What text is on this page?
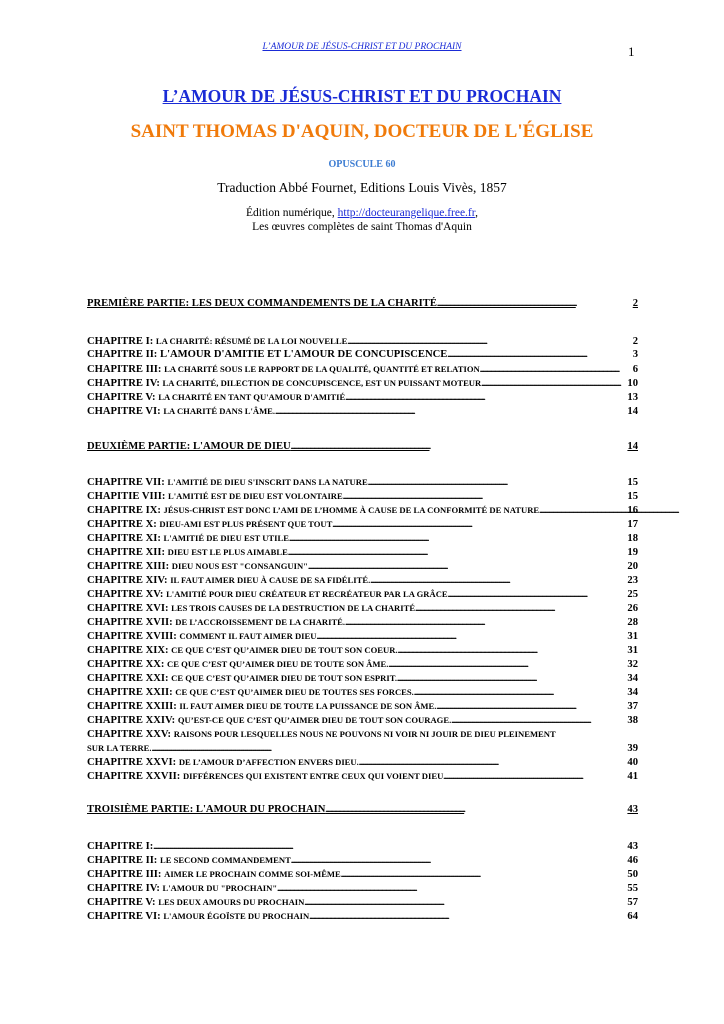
L’AMOUR DE JÉSUS-CHRIST ET DU PROCHAIN	1
L’AMOUR DE JÉSUS-CHRIST ET DU PROCHAIN
SAINT THOMAS D'AQUIN, DOCTEUR DE L'ÉGLISE
OPUSCULE 60
Traduction Abbé Fournet, Editions Louis Vivès, 1857
Édition numérique, http://docteurangelique.free.fr,
Les œuvres complètes de saint Thomas d'Aquin
PREMIÈRE PARTIE: LES DEUX COMMANDEMENTS DE LA CHARITÉ . . .	2
CHAPITRE I: LA CHARITÉ: RÉSUMÉ DE LA LOI NOUVELLE . . .	2
CHAPITRE II: L'AMOUR D'AMITIE ET L'AMOUR DE CONCUPISCENCE . . .	3
CHAPITRE III: LA CHARITÉ SOUS LE RAPPORT DE LA QUALITÉ, QUANTITÉ ET RELATION . . .	6
CHAPITRE IV: LA CHARITÉ, DILECTION DE CONCUPISCENCE, EST UN PUISSANT MOTEUR . . .	10
CHAPITRE V: LA CHARITÉ EN TANT QU'AMOUR D'AMITIÉ . . .	13
CHAPITRE VI: LA CHARITÉ DANS L'ÂME. . . .	14
DEUXIÈME PARTIE: L'AMOUR DE DIEU . . .	14
CHAPITRE VII: L'AMITIÉ DE DIEU S'INSCRIT DANS LA NATURE . . .	15
CHAPITIE VIII: L'AMITIÉ EST DE DIEU EST VOLONTAIRE . . .	15
CHAPITRE IX: JÉSUS-CHRIST EST DONC L’AMI DE L’HOMME À CAUSE DE LA CONFORMITÉ DE NATURE . . .	16
CHAPITRE X: DIEU-AMI EST PLUS PRÉSENT QUE TOUT . . .	17
CHAPITRE XI: L'AMITIÉ DE DIEU EST UTILE . . .	18
CHAPITRE XII: DIEU EST LE PLUS AIMABLE . . .	19
CHAPITRE XIII: DIEU NOUS EST "CONSANGUIN" . . .	20
CHAPITRE XIV: IL FAUT AIMER DIEU À CAUSE DE SA FIDÉLITÉ. . . .	23
CHAPITRE XV: L'AMITIÉ POUR DIEU CRÉATEUR ET RECRÉATEUR PAR LA GRÂCE . . .	25
CHAPITRE XVI: LES TROIS CAUSES DE LA DESTRUCTION DE LA CHARITÉ . . .	26
CHAPITRE XVII: DE L’ACCROISSEMENT DE LA CHARITÉ. . . .	28
CHAPITRE XVIII: COMMENT IL FAUT AIMER DIEU . . .	31
CHAPITRE XIX: CE QUE C’EST QU’AIMER DIEU DE TOUT SON COEUR. . . .	31
CHAPITRE XX: CE QUE C’EST QU’AIMER DIEU DE TOUTE SON ÂME. . . .	32
CHAPITRE XXI: CE QUE C’EST QU’AIMER DIEU DE TOUT SON ESPRIT. . . .	34
CHAPITRE XXII: CE QUE C’EST QU’AIMER DIEU DE TOUTES SES FORCES. . . .	34
CHAPITRE XXIII: IL FAUT AIMER DIEU DE TOUTE LA PUISSANCE DE SON ÂME. . . .	37
CHAPITRE XXIV: QU’EST-CE QUE C’EST QU’AIMER DIEU DE TOUT SON COURAGE. . . .	38
CHAPITRE XXV: RAISONS POUR LESQUELLES NOUS NE POUVONS NI VOIR NI JOUIR DE DIEU PLEINEMENT
SUR LA TERRE. . . .	39
CHAPITRE XXVI: DE L’AMOUR D’AFFECTION ENVERS DIEU. . . .	40
CHAPITRE XXVII: DIFFÉRENCES QUI EXISTENT ENTRE CEUX QUI VOIENT DIEU . . .	41
TROISIÈME PARTIE: L'AMOUR DU PROCHAIN . . .	43
CHAPITRE I: . . .	43
CHAPITRE II: LE SECOND COMMANDEMENT . . .	46
CHAPITRE III: AIMER LE PROCHAIN COMME SOI-MÊME . . .	50
CHAPITRE IV: L'AMOUR DU "PROCHAIN" . . .	55
CHAPITRE V: LES DEUX AMOURS DU PROCHAIN . . .	57
CHAPITRE VI: L'AMOUR ÉGOÏSTE DU PROCHAIN . . .	64
